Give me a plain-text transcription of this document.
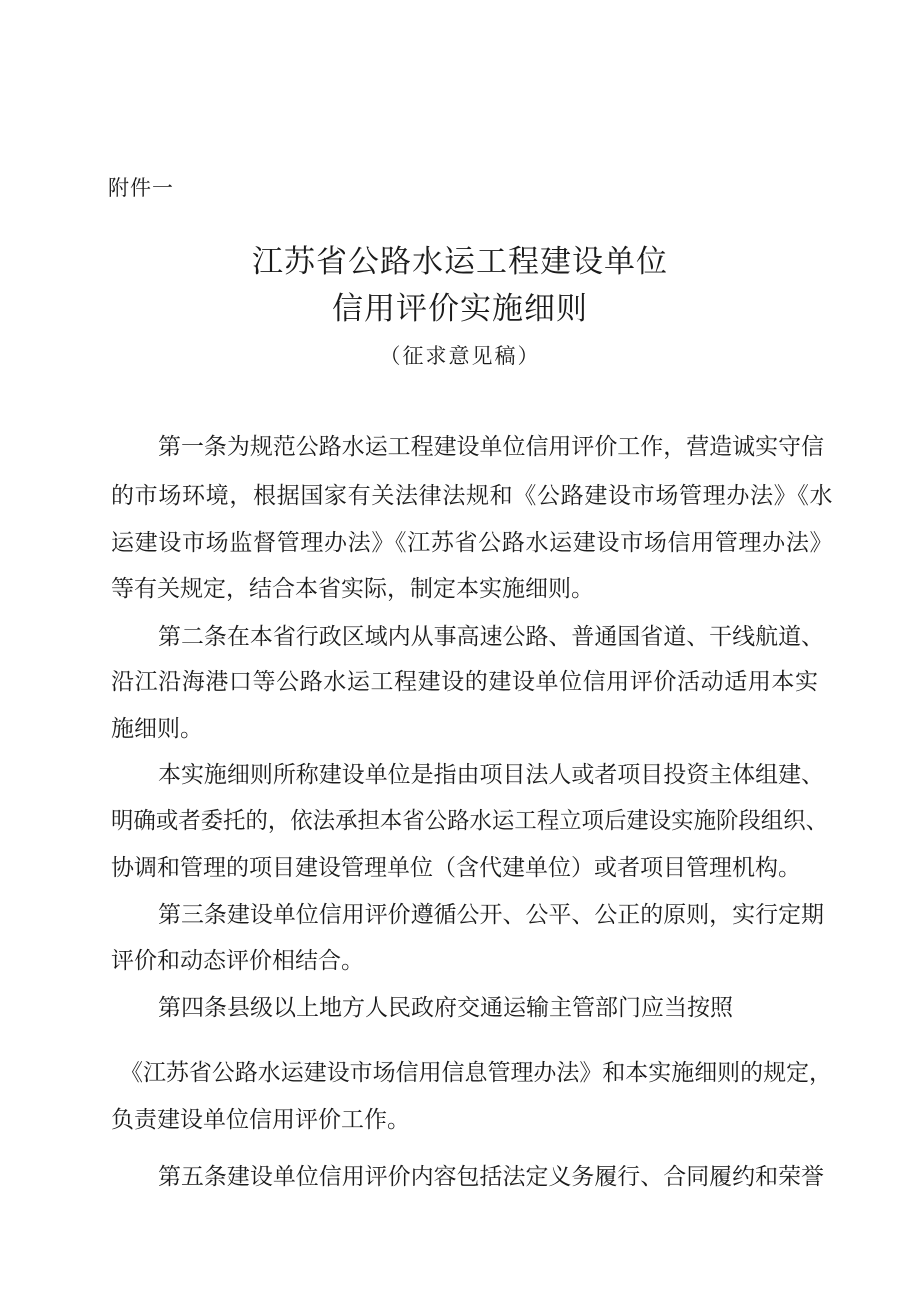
附件一
江苏省公路水运工程建设单位
信用评价实施细则
（征求意见稿）
第一条为规范公路水运工程建设单位信用评价工作，营造诚实守信
的市场环境，根据国家有关法律法规和《公路建设市场管理办法》《水
运建设市场监督管理办法》《江苏省公路水运建设市场信用管理办法》
等有关规定，结合本省实际，制定本实施细则。
第二条在本省行政区域内从事高速公路、普通国省道、干线航道、
沿江沿海港口等公路水运工程建设的建设单位信用评价活动适用本实
施细则。
本实施细则所称建设单位是指由项目法人或者项目投资主体组建、
明确或者委托的，依法承担本省公路水运工程立项后建设实施阶段组织、
协调和管理的项目建设管理单位（含代建单位）或者项目管理机构。
第三条建设单位信用评价遵循公开、公平、公正的原则，实行定期
评价和动态评价相结合。
第四条县级以上地方人民政府交通运输主管部门应当按照
《江苏省公路水运建设市场信用信息管理办法》和本实施细则的规定，
负责建设单位信用评价工作。
第五条建设单位信用评价内容包括法定义务履行、合同履约和荣誉
